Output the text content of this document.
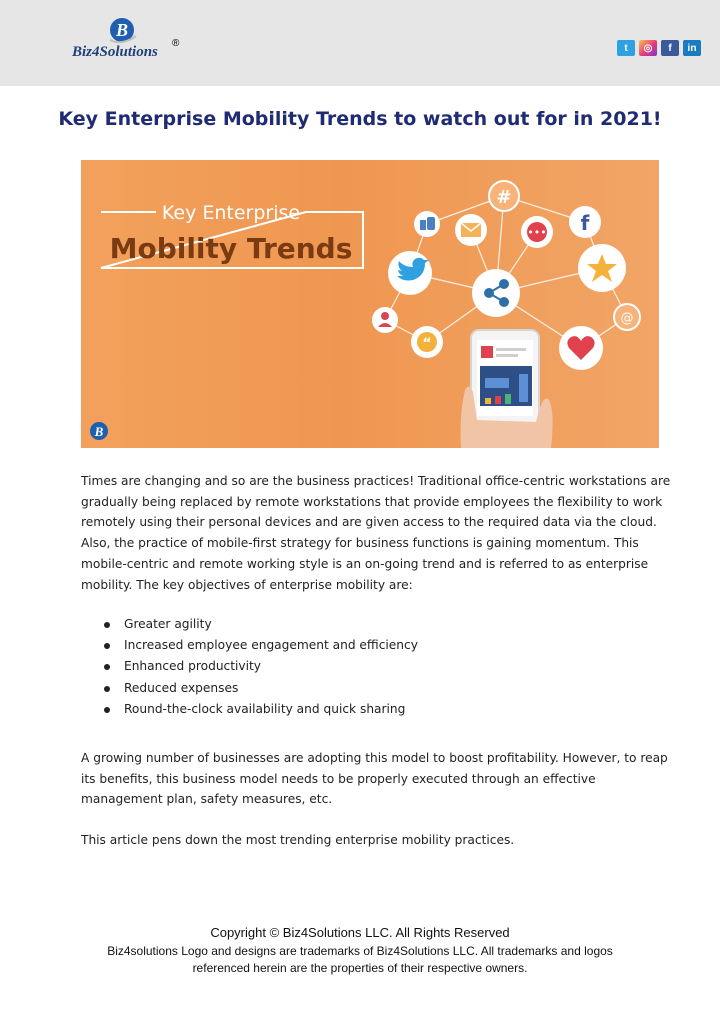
B
Biz4Solutions
®	t	◎	f	in
Key Enterprise Mobility Trends to watch out for in 2021!
Key Enterprise
Mobility Trends
#
••• f
@
“
B

Times are changing and so are the business practices! Traditional office-centric workstations are gradually being replaced by remote workstations that provide employees the flexibility to work remotely using their personal devices and are given access to the required data via the cloud. Also, the practice of mobile-first strategy for business functions is gaining momentum. This mobile-centric and remote working style is an on-going trend and is referred to as enterprise mobility. The key objectives of enterprise mobility are:

Greater agility
Increased employee engagement and efficiency
Enhanced productivity
Reduced expenses
Round-the-clock availability and quick sharing

A growing number of businesses are adopting this model to boost profitability. However, to reap its benefits, this business model needs to be properly executed through an effective management plan, safety measures, etc.

This article pens down the most trending enterprise mobility practices.

Copyright © Biz4Solutions LLC. All Rights Reserved
Biz4solutions Logo and designs are trademarks of Biz4Solutions LLC. All trademarks and logos referenced herein are the properties of their respective owners.
